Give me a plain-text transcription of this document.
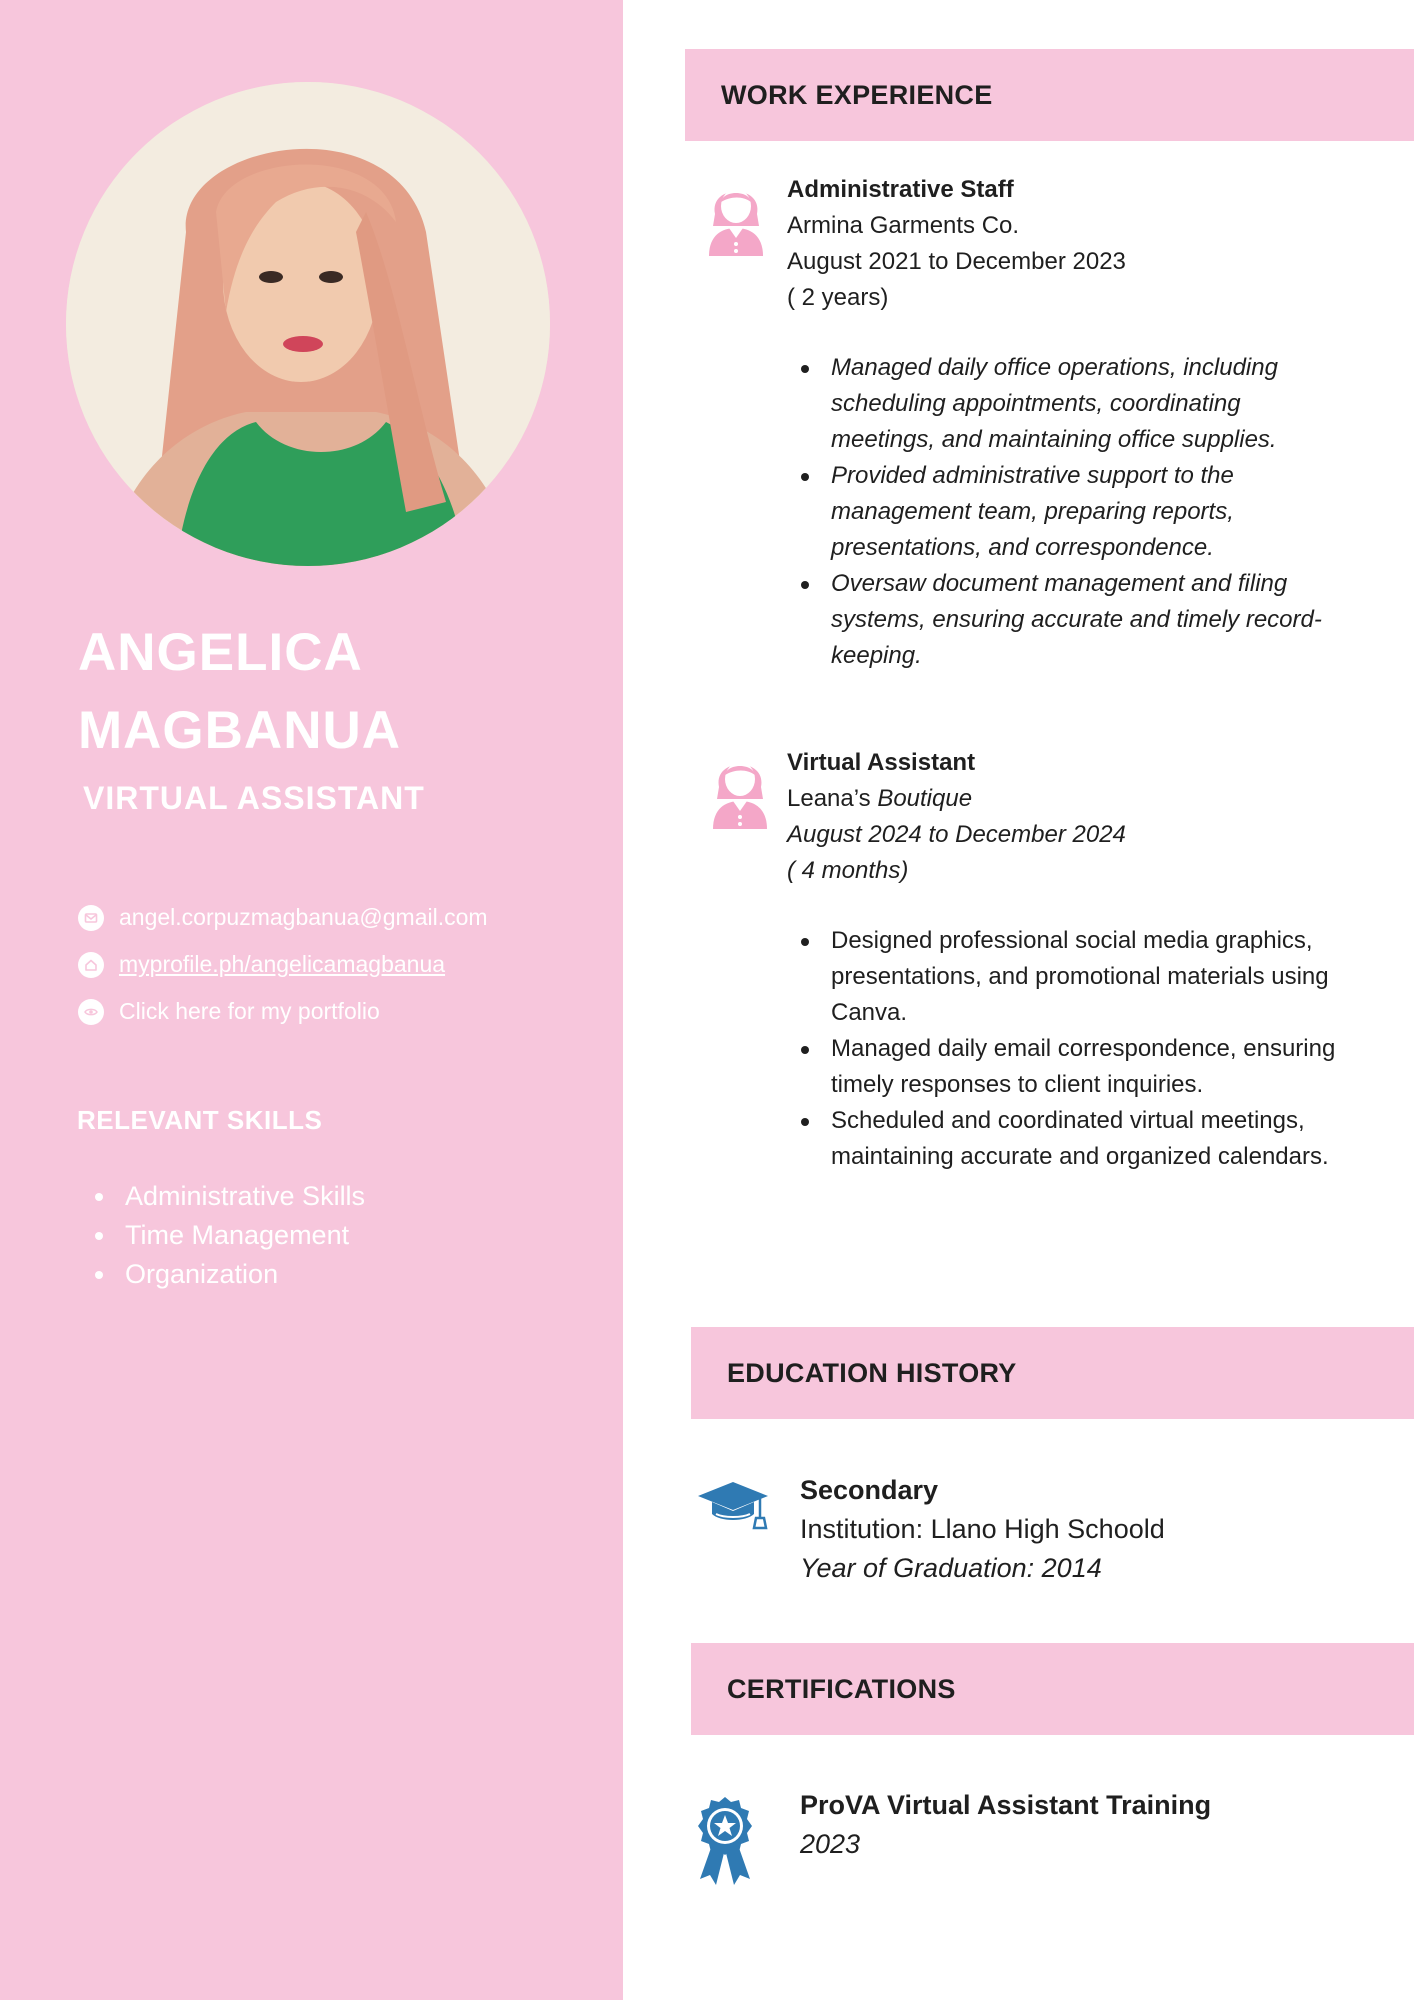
ANGELICA
MAGBANUA

VIRTUAL ASSISTANT

angel.corpuzmagbanua@gmail.com
myprofile.ph/angelicamagbanua
Click here for my portfolio
RELEVANT SKILLS
Administrative Skills
Time Management
Organization
WORK EXPERIENCE

Administrative Staff

Armina Garments Co.

August 2021 to December 2023

( 2 years)

Managed daily office operations, including scheduling appointments, coordinating meetings, and maintaining office supplies.
Provided administrative support to the management team, preparing reports, presentations, and correspondence.
Oversaw document management and filing systems, ensuring accurate and timely record-keeping.

Virtual Assistant

Leana’s Boutique

August 2024 to December 2024

( 4 months)

Designed professional social media graphics, presentations, and promotional materials using Canva.
Managed daily email correspondence, ensuring timely responses to client inquiries.
Scheduled and coordinated virtual meetings, maintaining accurate and organized calendars.
EDUCATION HISTORY

Secondary

Institution: Llano High Schoold

Year of Graduation: 2014

CERTIFICATIONS

ProVA Virtual Assistant Training

2023
